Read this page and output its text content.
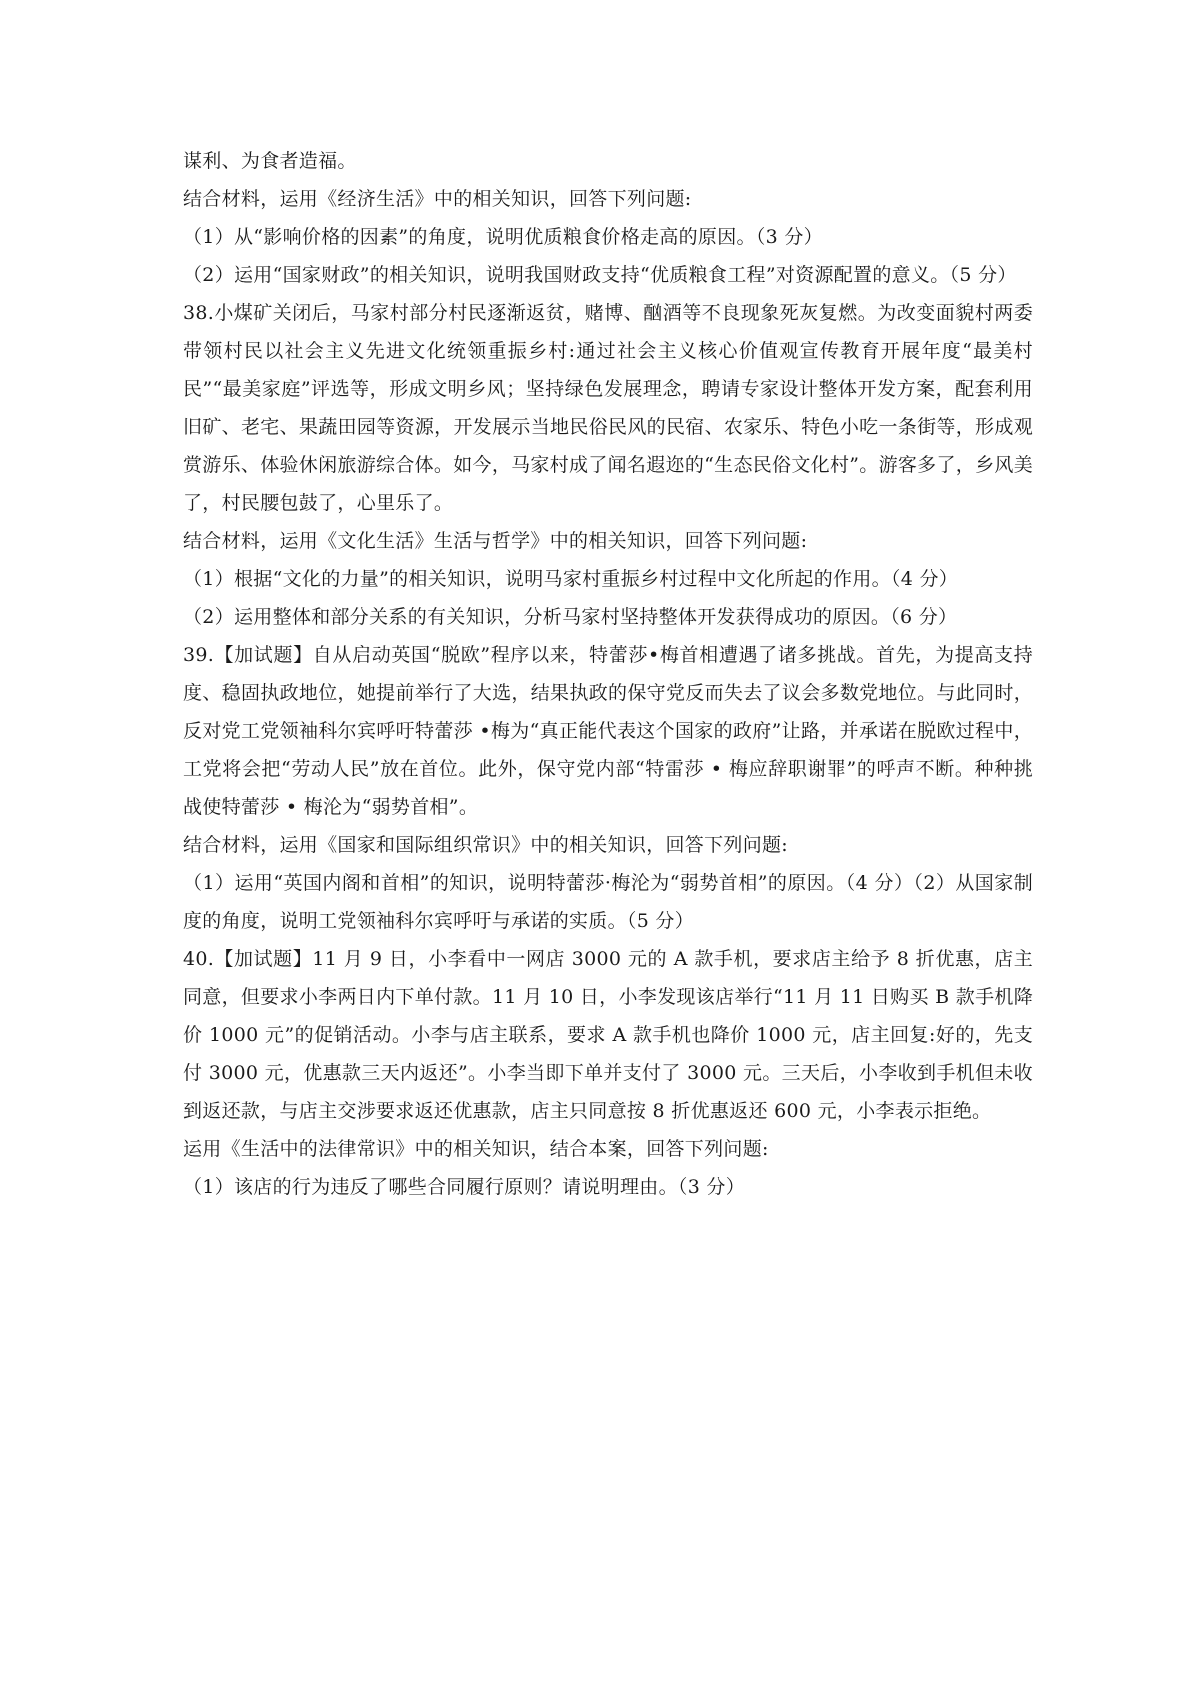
谋利、为食者造福。

结合材料，运用《经济生活》中的相关知识，回答下列问题:

（1）从“影响价格的因素”的角度，说明优质粮食价格走高的原因。（3 分）

（2）运用“国家财政”的相关知识，说明我国财政支持“优质粮食工程”对资源配置的意义。（5 分）

38.小煤矿关闭后，马家村部分村民逐渐返贫，赌博、酗酒等不良现象死灰复燃。为改变面貌村两委带领村民以社会主义先进文化统领重振乡村:通过社会主义核心价值观宣传教育开展年度“最美村民”“最美家庭”评选等，形成文明乡风；坚持绿色发展理念，聘请专家设计整体开发方案，配套利用旧矿、老宅、果蔬田园等资源，开发展示当地民俗民风的民宿、农家乐、特色小吃一条街等，形成观赏游乐、体验休闲旅游综合体。如今，马家村成了闻名遐迩的“生态民俗文化村”。游客多了，乡风美了，村民腰包鼓了，心里乐了。

结合材料，运用《文化生活》生活与哲学》中的相关知识，回答下列问题:

（1）根据“文化的力量”的相关知识，说明马家村重振乡村过程中文化所起的作用。（4 分）

（2）运用整体和部分关系的有关知识，分析马家村坚持整体开发获得成功的原因。（6 分）

39.【加试题】自从启动英国“脱欧”程序以来，特蕾莎•梅首相遭遇了诸多挑战。首先，为提高支持度、稳固执政地位，她提前举行了大选，结果执政的保守党反而失去了议会多数党地位。与此同时，反对党工党领袖科尔宾呼吁特蕾莎 •梅为“真正能代表这个国家的政府”让路，并承诺在脱欧过程中，工党将会把“劳动人民”放在首位。此外，保守党内部“特雷莎 • 梅应辞职谢罪”的呼声不断。种种挑战使特蕾莎 • 梅沦为“弱势首相”。

结合材料，运用《国家和国际组织常识》中的相关知识，回答下列问题:

（1）运用“英国内阁和首相”的知识，说明特蕾莎·梅沦为“弱势首相”的原因。（4 分）（2）从国家制度的角度，说明工党领袖科尔宾呼吁与承诺的实质。（5 分）

40.【加试题】11 月 9 日，小李看中一网店 3000 元的 A 款手机，要求店主给予 8 折优惠，店主同意，但要求小李两日内下单付款。11 月 10 日，小李发现该店举行“11 月 11 日购买 B 款手机降价 1000 元”的促销活动。小李与店主联系，要求 A 款手机也降价 1000 元，店主回复:好的，先支付 3000 元，优惠款三天内返还”。小李当即下单并支付了 3000 元。三天后，小李收到手机但未收到返还款，与店主交涉要求返还优惠款，店主只同意按 8 折优惠返还 600 元，小李表示拒绝。

运用《生活中的法律常识》中的相关知识，结合本案，回答下列问题:

（1）该店的行为违反了哪些合同履行原则？请说明理由。（3 分）
